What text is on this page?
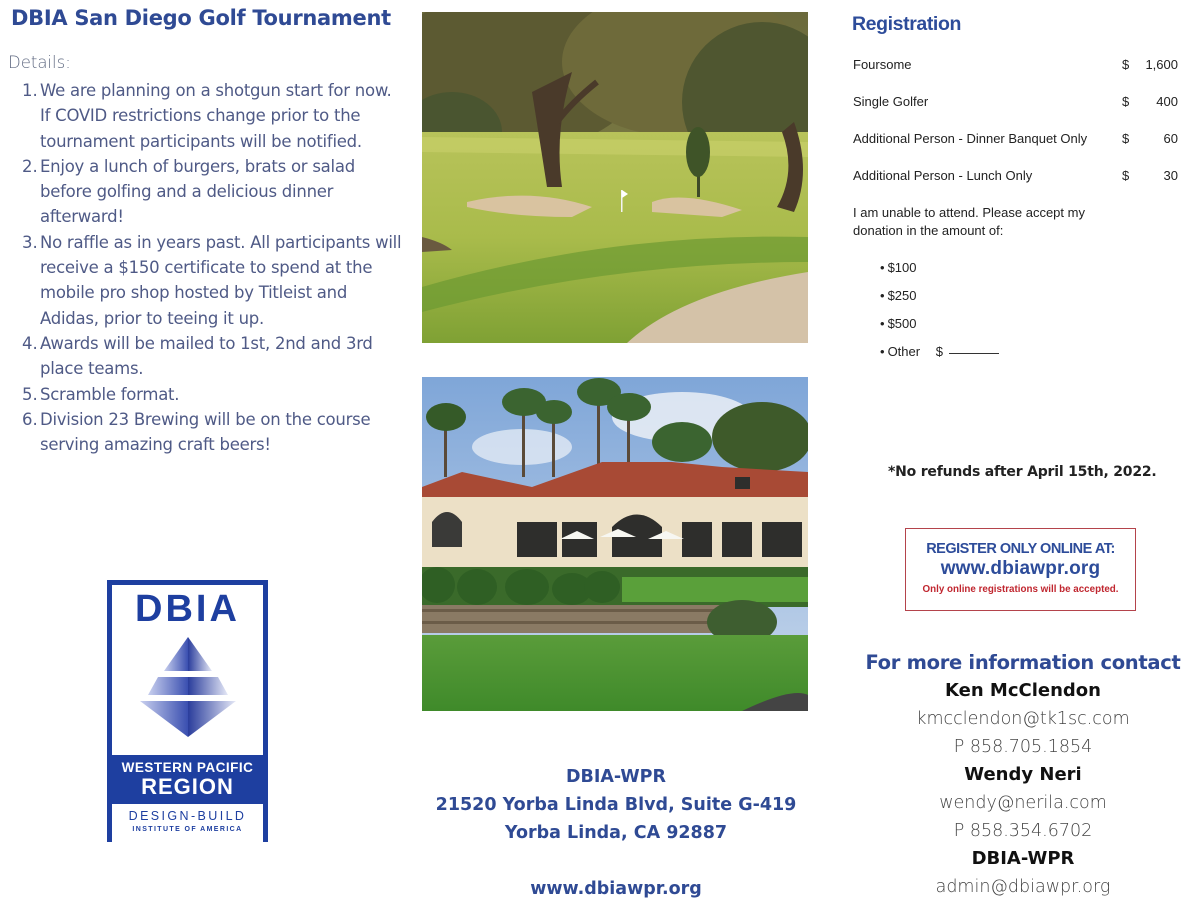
DBIA San Diego Golf Tournament
Details:
1. We are planning on a shotgun start for now. If COVID restrictions change prior to the tournament participants will be notified.
2. Enjoy a lunch of burgers, brats or salad before golfing and a delicious dinner afterward!
3. No raffle as in years past. All participants will receive a $150 certificate to spend at the mobile pro shop hosted by Titleist and Adidas, prior to teeing it up.
4. Awards will be mailed to 1st, 2nd and 3rd place teams.
5. Scramble format.
6. Division 23 Brewing will be on the course serving amazing craft beers!
DBIA
WESTERN PACIFIC
REGION
DESIGN-BUILD
INSTITUTE OF AMERICA
DBIA-WPR
21520 Yorba Linda Blvd, Suite G-419
Yorba Linda, CA 92887
www.dbiawpr.org
Registration
Foursome	$ 1,600
Single Golfer	$ 400
Additional Person - Dinner Banquet Only	$	60
Additional Person - Lunch Only	$	30
I am unable to attend. Please accept my donation in the amount of:
• $100
• $250
• $500
• Other $
*No refunds after April 15th, 2022.
REGISTER ONLY ONLINE AT:
www.dbiawpr.org
Only online registrations will be accepted.
For more information contact
Ken McClendon
kmcclendon@tk1sc.com
P 858.705.1854
Wendy Neri
wendy@nerila.com
P 858.354.6702
DBIA-WPR
admin@dbiawpr.org
